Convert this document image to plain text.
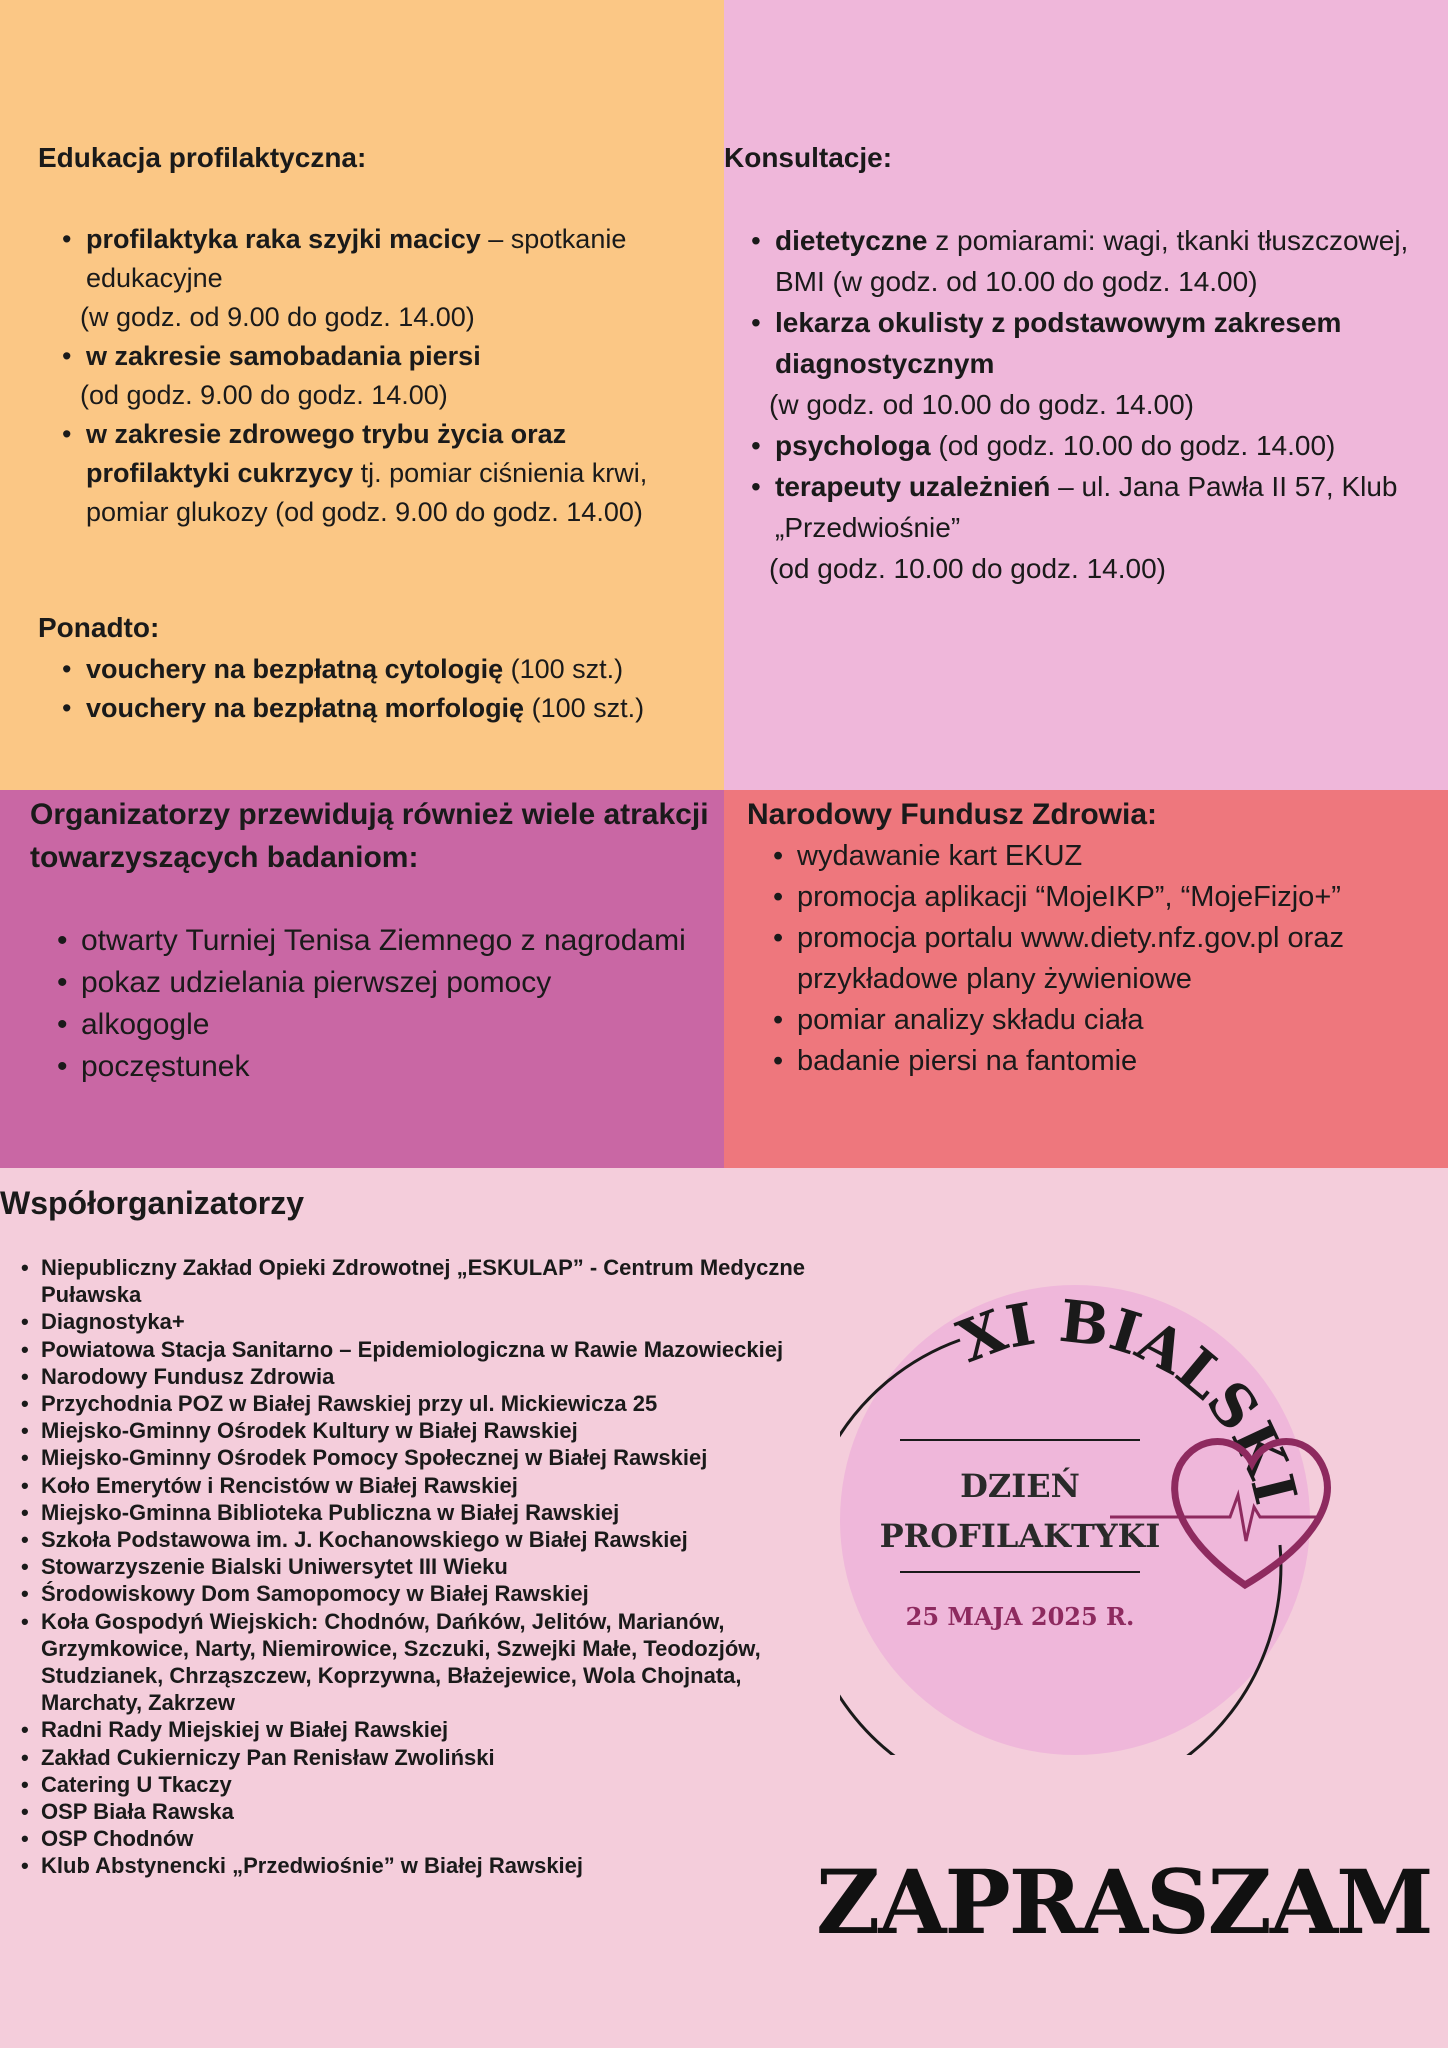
Edukacja profilaktyczna:
• profilaktyka raka szyjki macicy – spotkanie edukacyjne
(w godz. od 9.00 do godz. 14.00)
• w zakresie samobadania piersi
(od godz. 9.00 do godz. 14.00)
• w zakresie zdrowego trybu życia oraz profilaktyki cukrzycy tj. pomiar ciśnienia krwi, pomiar glukozy (od godz. 9.00 do godz. 14.00)
Ponadto:
• vouchery na bezpłatną cytologię (100 szt.)
• vouchery na bezpłatną morfologię (100 szt.)
Konsultacje:
• dietetyczne z pomiarami: wagi, tkanki tłuszczowej, BMI (w godz. od 10.00 do godz. 14.00)
• lekarza okulisty z podstawowym zakresem diagnostycznym
(w godz. od 10.00 do godz. 14.00)
• psychologa (od godz. 10.00 do godz. 14.00)
• terapeuty uzależnień – ul. Jana Pawła II 57, Klub „Przedwiośnie”
(od godz. 10.00 do godz. 14.00)
Organizatorzy przewidują również wiele atrakcji towarzyszących badaniom:
• otwarty Turniej Tenisa Ziemnego z nagrodami
• pokaz udzielania pierwszej pomocy
• alkogogle
• poczęstunek
Narodowy Fundusz Zdrowia:
• wydawanie kart EKUZ
• promocja aplikacji “MojeIKP”, “MojeFizjo+”
• promocja portalu www.diety.nfz.gov.pl oraz przykładowe plany żywieniowe
• pomiar analizy składu ciała
• badanie piersi na fantomie
Współorganizatorzy
• Niepubliczny Zakład Opieki Zdrowotnej „ESKULAP” - Centrum Medyczne Puławska
• Diagnostyka+
• Powiatowa Stacja Sanitarno – Epidemiologiczna w Rawie Mazowieckiej
• Narodowy Fundusz Zdrowia
• Przychodnia POZ w Białej Rawskiej przy ul. Mickiewicza 25
• Miejsko-Gminny Ośrodek Kultury w Białej Rawskiej
• Miejsko-Gminny Ośrodek Pomocy Społecznej w Białej Rawskiej
• Koło Emerytów i Rencistów w Białej Rawskiej
• Miejsko-Gminna Biblioteka Publiczna w Białej Rawskiej
• Szkoła Podstawowa im. J. Kochanowskiego w Białej Rawskiej
• Stowarzyszenie Bialski Uniwersytet III Wieku
• Środowiskowy Dom Samopomocy w Białej Rawskiej
• Koła Gospodyń Wiejskich: Chodnów, Dańków, Jelitów, Marianów, Grzymkowice, Narty, Niemirowice, Szczuki, Szwejki Małe, Teodozjów, Studzianek, Chrząszczew, Koprzywna, Błażejewice, Wola Chojnata, Marchaty, Zakrzew
• Radni Rady Miejskiej w Białej Rawskiej
• Zakład Cukierniczy Pan Renisław Zwoliński
• Catering U Tkaczy
• OSP Biała Rawska
• OSP Chodnów
• Klub Abstynencki „Przedwiośnie” w Białej Rawskiej
XI BIALSKI
DZIEŃ
PROFILAKTYKI
25 MAJA 2025 R.
ZAPRASZAM
